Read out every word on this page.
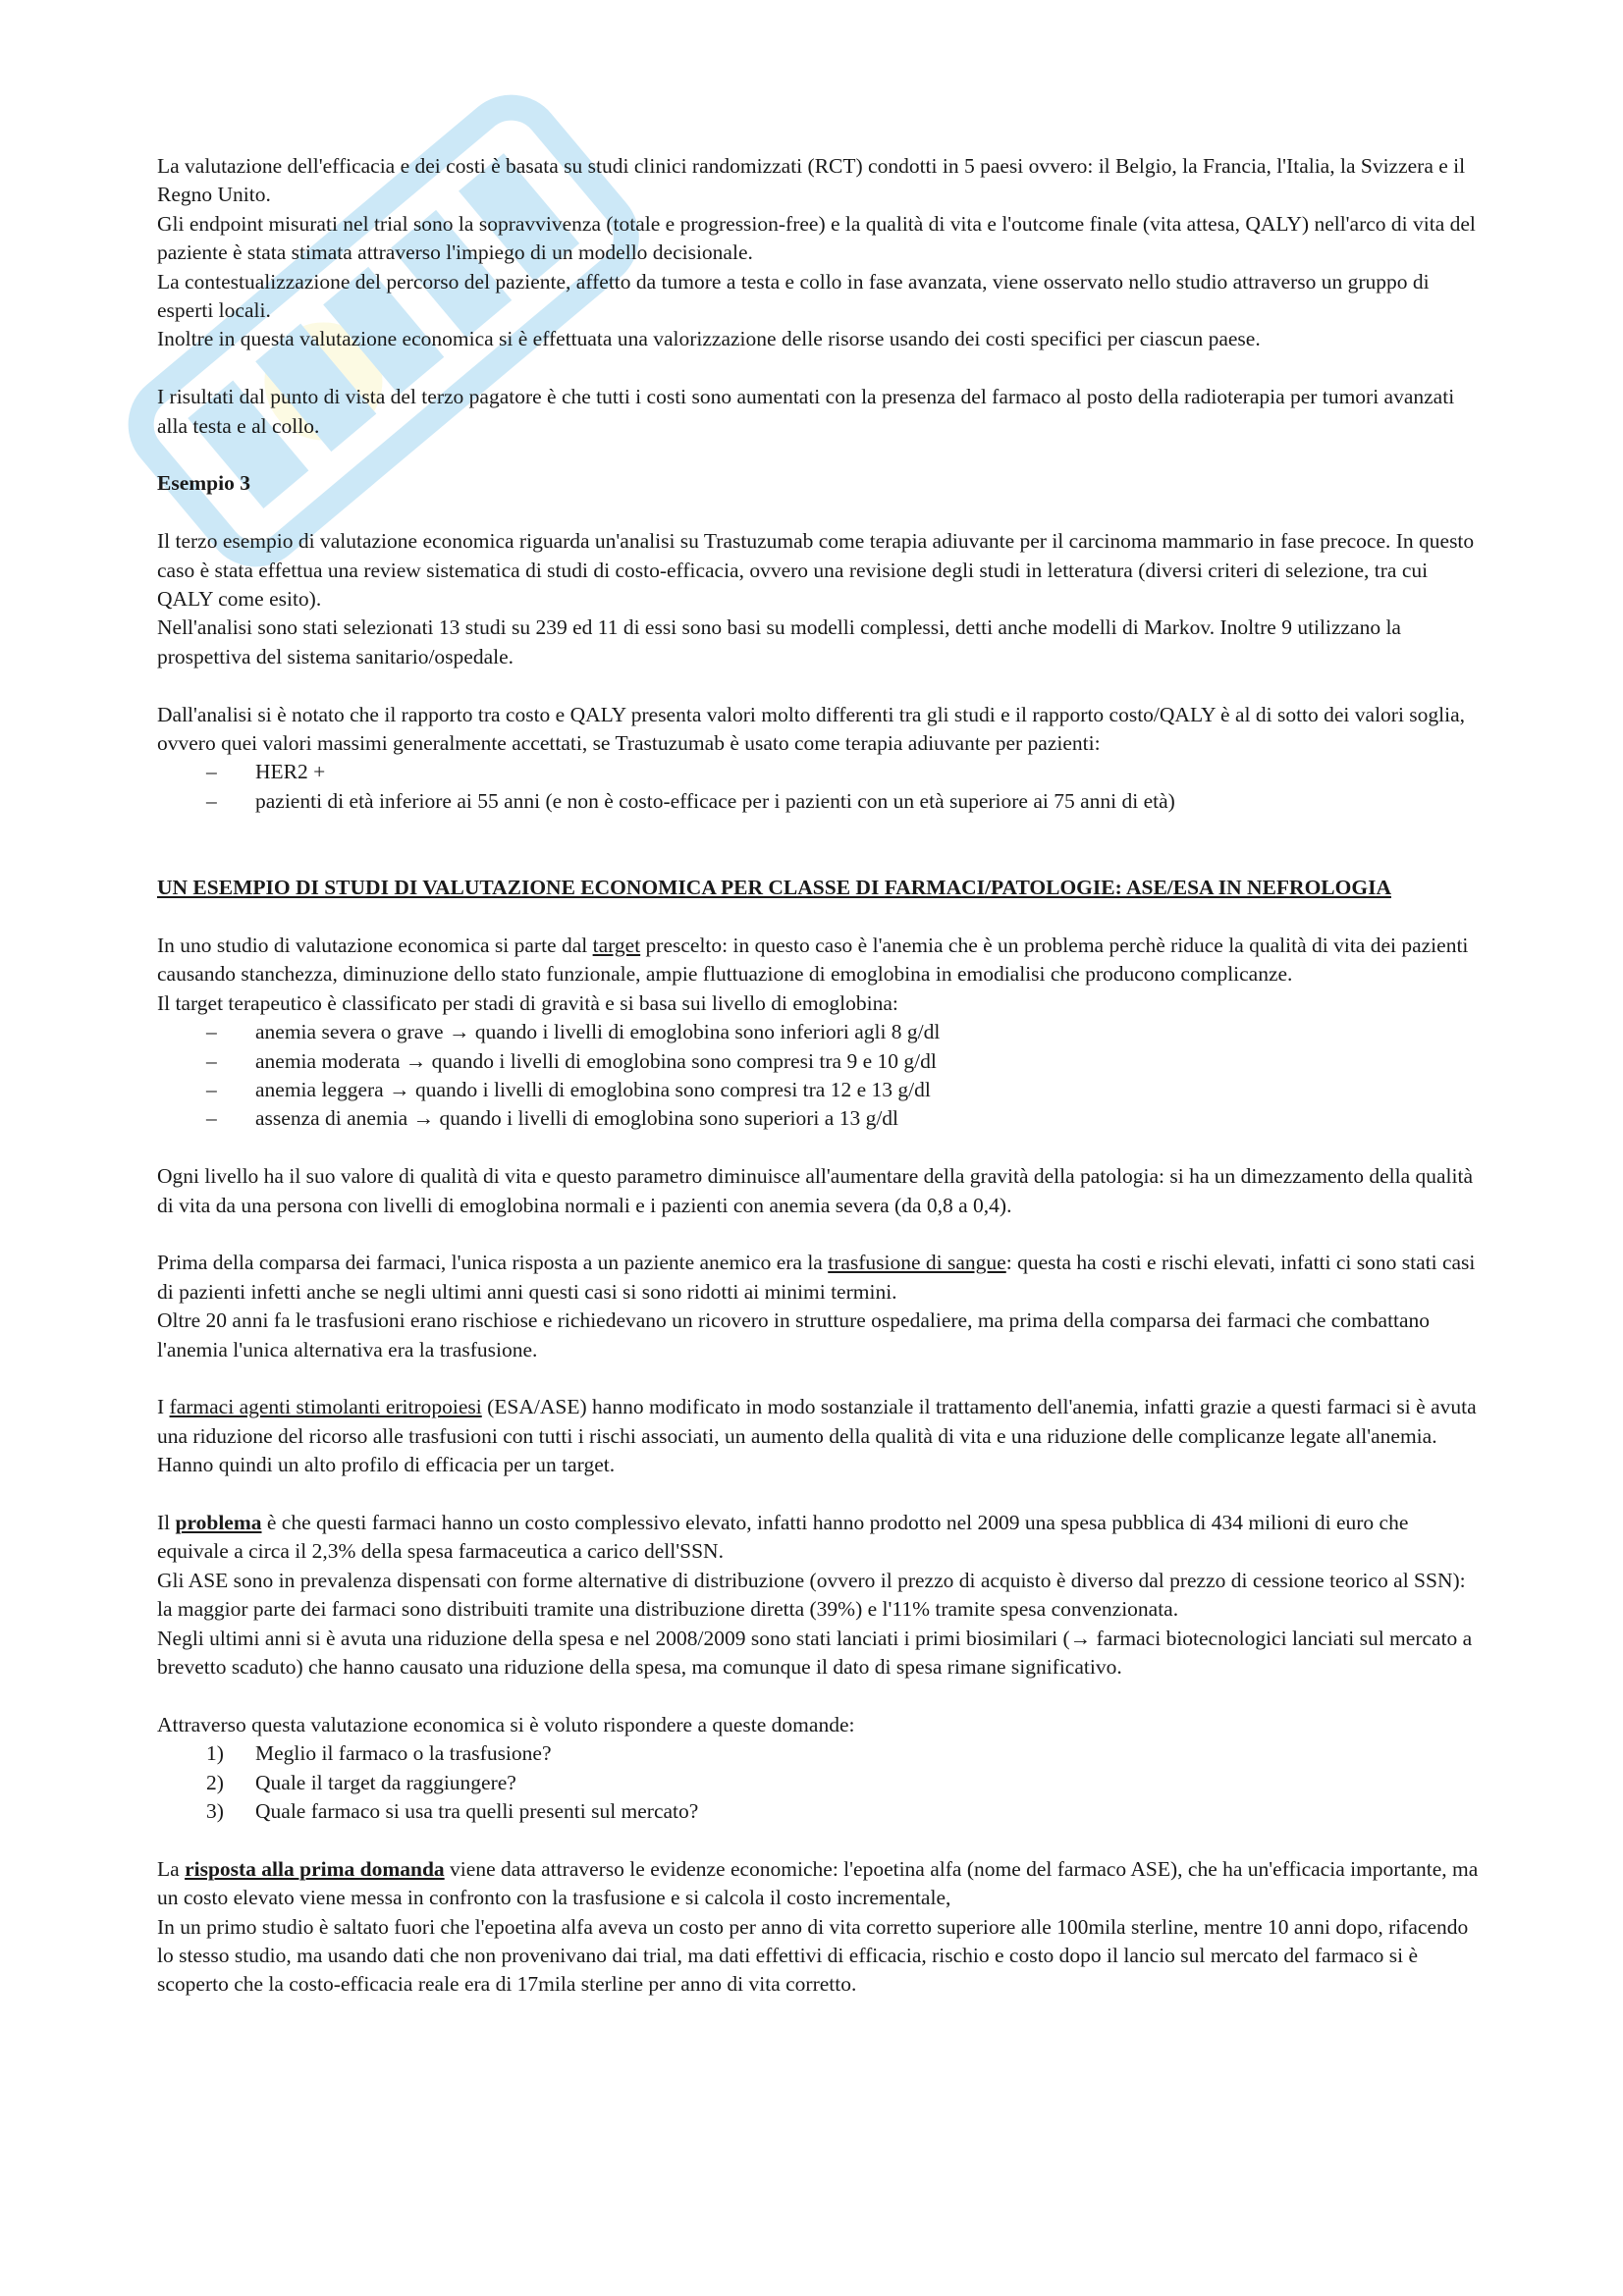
La valutazione dell'efficacia e dei costi è basata su studi clinici randomizzati (RCT) condotti in 5 paesi ovvero: il Belgio, la Francia, l'Italia, la Svizzera e il Regno Unito.

Gli endpoint misurati nel trial sono la sopravvivenza (totale e progression-free) e la qualità di vita e l'outcome finale (vita attesa, QALY) nell'arco di vita del paziente è stata stimata attraverso l'impiego di un modello decisionale.

La contestualizzazione del percorso del paziente, affetto da tumore a testa e collo in fase avanzata, viene osservato nello studio attraverso un gruppo di esperti locali.

Inoltre in questa valutazione economica si è effettuata una valorizzazione delle risorse usando dei costi specifici per ciascun paese.

I risultati dal punto di vista del terzo pagatore è che tutti i costi sono aumentati con la presenza del farmaco al posto della radioterapia per tumori avanzati alla testa e al collo.

Esempio 3

Il terzo esempio di valutazione economica riguarda un'analisi su Trastuzumab come terapia adiuvante per il carcinoma mammario in fase precoce. In questo caso è stata effettua una review sistematica di studi di costo-efficacia, ovvero una revisione degli studi in letteratura (diversi criteri di selezione, tra cui QALY come esito).

Nell'analisi sono stati selezionati 13 studi su 239 ed 11 di essi sono basi su modelli complessi, detti anche modelli di Markov. Inoltre 9 utilizzano la prospettiva del sistema sanitario/ospedale.

Dall'analisi si è notato che il rapporto tra costo e QALY presenta valori molto differenti tra gli studi e il rapporto costo/QALY è al di sotto dei valori soglia, ovvero quei valori massimi generalmente accettati, se Trastuzumab è usato come terapia adiuvante per pazienti:

– HER2 +
– pazienti di età inferiore ai 55 anni (e non è costo-efficace per i pazienti con un età superiore ai 75 anni di età)

UN ESEMPIO DI STUDI DI VALUTAZIONE ECONOMICA PER CLASSE DI FARMACI/PATOLOGIE: ASE/ESA IN NEFROLOGIA

In uno studio di valutazione economica si parte dal target prescelto: in questo caso è l'anemia che è un problema perchè riduce la qualità di vita dei pazienti causando stanchezza, diminuzione dello stato funzionale, ampie fluttuazione di emoglobina in emodialisi che producono complicanze.

Il target terapeutico è classificato per stadi di gravità e si basa sui livello di emoglobina:

– anemia severa o grave → quando i livelli di emoglobina sono inferiori agli 8 g/dl
– anemia moderata → quando i livelli di emoglobina sono compresi tra 9 e 10 g/dl
– anemia leggera → quando i livelli di emoglobina sono compresi tra 12 e 13 g/dl
– assenza di anemia → quando i livelli di emoglobina sono superiori a 13 g/dl

Ogni livello ha il suo valore di qualità di vita e questo parametro diminuisce all'aumentare della gravità della patologia: si ha un dimezzamento della qualità di vita da una persona con livelli di emoglobina normali e i pazienti con anemia severa (da 0,8 a 0,4).

Prima della comparsa dei farmaci, l'unica risposta a un paziente anemico era la trasfusione di sangue: questa ha costi e rischi elevati, infatti ci sono stati casi di pazienti infetti anche se negli ultimi anni questi casi si sono ridotti ai minimi termini.

Oltre 20 anni fa le trasfusioni erano rischiose e richiedevano un ricovero in strutture ospedaliere, ma prima della comparsa dei farmaci che combattano l'anemia l'unica alternativa era la trasfusione.

I farmaci agenti stimolanti eritropoiesi (ESA/ASE) hanno modificato in modo sostanziale il trattamento dell'anemia, infatti grazie a questi farmaci si è avuta una riduzione del ricorso alle trasfusioni con tutti i rischi associati, un aumento della qualità di vita e una riduzione delle complicanze legate all'anemia. Hanno quindi un alto profilo di efficacia per un target.

Il problema è che questi farmaci hanno un costo complessivo elevato, infatti hanno prodotto nel 2009 una spesa pubblica di 434 milioni di euro che equivale a circa il 2,3% della spesa farmaceutica a carico dell'SSN.

Gli ASE sono in prevalenza dispensati con forme alternative di distribuzione (ovvero il prezzo di acquisto è diverso dal prezzo di cessione teorico al SSN): la maggior parte dei farmaci sono distribuiti tramite una distribuzione diretta (39%) e l'11% tramite spesa convenzionata.

Negli ultimi anni si è avuta una riduzione della spesa e nel 2008/2009 sono stati lanciati i primi biosimilari (→ farmaci biotecnologici lanciati sul mercato a brevetto scaduto) che hanno causato una riduzione della spesa, ma comunque il dato di spesa rimane significativo.

Attraverso questa valutazione economica si è voluto rispondere a queste domande:

1) Meglio il farmaco o la trasfusione?
2) Quale il target da raggiungere?
3) Quale farmaco si usa tra quelli presenti sul mercato?

La risposta alla prima domanda viene data attraverso le evidenze economiche: l'epoetina alfa (nome del farmaco ASE), che ha un'efficacia importante, ma un costo elevato viene messa in confronto con la trasfusione e si calcola il costo incrementale,

In un primo studio è saltato fuori che l'epoetina alfa aveva un costo per anno di vita corretto superiore alle 100mila sterline, mentre 10 anni dopo, rifacendo lo stesso studio, ma usando dati che non provenivano dai trial, ma dati effettivi di efficacia, rischio e costo dopo il lancio sul mercato del farmaco si è scoperto che la costo-efficacia reale era di 17mila sterline per anno di vita corretto.
